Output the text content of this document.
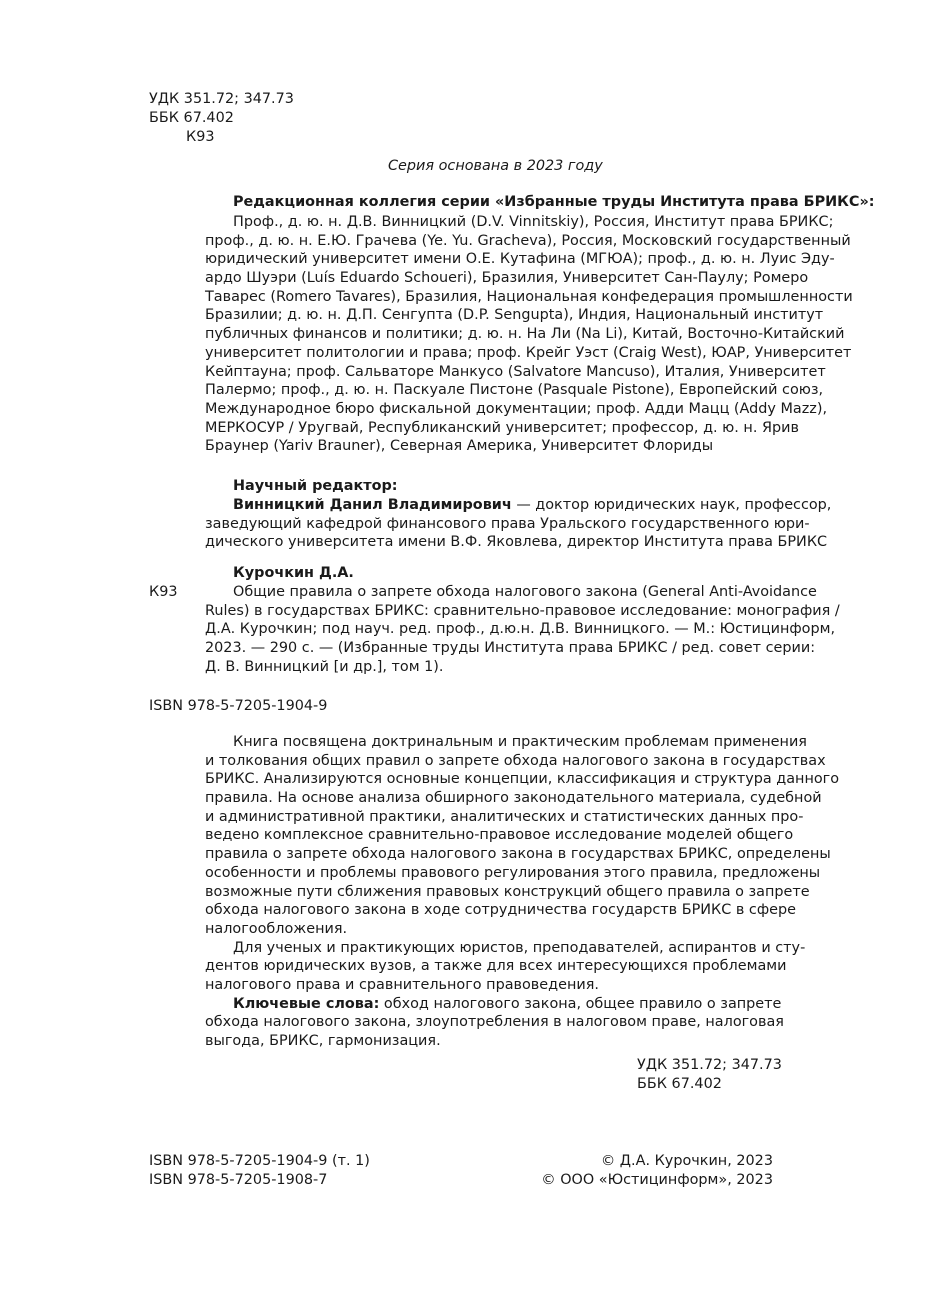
УДК 351.72; 347.73
ББК 67.402
К93
Серия основана в 2023 году
Редакционная коллегия серии «Избранные труды Института права БРИКС»:
Проф., д. ю. н. Д.В. Винницкий (D.V. Vinnitskiy), Россия, Институт права БРИКС;
проф., д. ю. н. Е.Ю. Грачева (Ye. Yu. Gracheva), Россия, Московский государственный
юридический университет имени О.Е. Кутафина (МГЮА); проф., д. ю. н. Луис Эду-
ардо Шуэри (Luís Eduardo Schoueri), Бразилия, Университет Сан-Паулу; Ромеро
Таварес (Romero Tavares), Бразилия, Национальная конфедерация промышленности
Бразилии; д. ю. н. Д.П. Сенгупта (D.P. Sengupta), Индия, Национальный институт
публичных финансов и политики; д. ю. н. На Ли (Na Li), Китай, Восточно-Китайский
университет политологии и права; проф. Крейг Уэст (Craig West), ЮАР, Университет
Кейптауна; проф. Сальваторе Манкусо (Salvatore Mancuso), Италия, Университет
Палермо; проф., д. ю. н. Паскуале Пистоне (Pasquale Pistone), Европейский союз,
Международное бюро фискальной документации; проф. Адди Мацц (Addy Mazz),
МЕРКОСУР / Уругвай, Республиканский университет; профессор, д. ю. н. Ярив
Браунер (Yariv Brauner), Северная Америка, Университет Флориды
Научный редактор:
Винницкий Данил Владимирович — доктор юридических наук, профессор,
заведующий кафедрой финансового права Уральского государственного юри-
дического университета имени В.Ф. Яковлева, директор Института права БРИКС
Курочкин Д.А.
К93	Общие правила о запрете обхода налогового закона (General Anti-Avoidance
Rules) в государствах БРИКС: сравнительно-правовое исследование: монография /
Д.А. Курочкин; под науч. ред. проф., д.ю.н. Д.В. Винницкого. — М.: Юстицинформ,
2023. — 290 с. — (Избранные труды Института права БРИКС / ред. совет серии:
Д. В. Винницкий [и др.], том 1).
ISBN 978-5-7205-1904-9
Книга посвящена доктринальным и практическим проблемам применения
и толкования общих правил о запрете обхода налогового закона в государствах
БРИКС. Анализируются основные концепции, классификация и структура данного
правила. На основе анализа обширного законодательного материала, судебной
и административной практики, аналитических и статистических данных про-
ведено комплексное сравнительно-правовое исследование моделей общего
правила о запрете обхода налогового закона в государствах БРИКС, определены
особенности и проблемы правового регулирования этого правила, предложены
возможные пути сближения правовых конструкций общего правила о запрете
обхода налогового закона в ходе сотрудничества государств БРИКС в сфере
налогообложения.
Для ученых и практикующих юристов, преподавателей, аспирантов и сту-
дентов юридических вузов, а также для всех интересующихся проблемами
налогового права и сравнительного правоведения.
Ключевые слова: обход налогового закона, общее правило о запрете
обхода налогового закона, злоупотребления в налоговом праве, налоговая
выгода, БРИКС, гармонизация.
УДК 351.72; 347.73
ББК 67.402
ISBN 978-5-7205-1904-9 (т. 1)
ISBN 978-5-7205-1908-7
© Д.А. Курочкин, 2023
© ООО «Юстицинформ», 2023
